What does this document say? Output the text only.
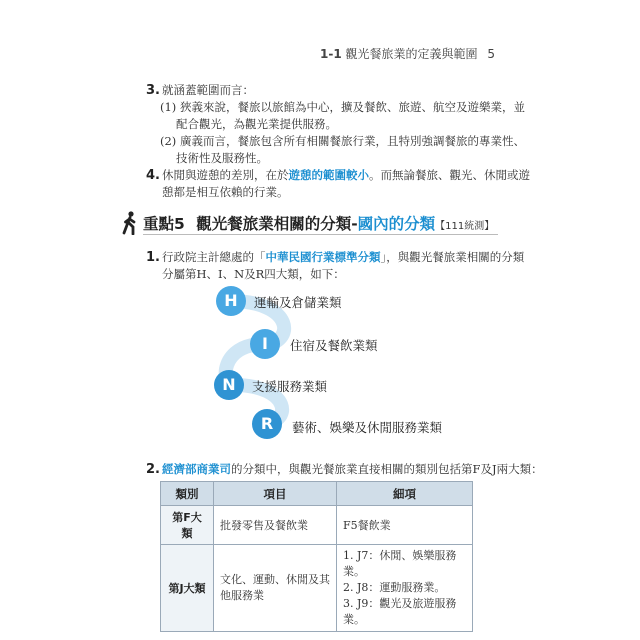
1-1 觀光餐旅業的定義與範圍 5
3. 就涵蓋範圍而言：
(1) 狹義來說，餐旅以旅館為中心，擴及餐飲、旅遊、航空及遊樂業，並
配合觀光，為觀光業提供服務。
(2) 廣義而言，餐旅包含所有相關餐旅行業，且特別強調餐旅的專業性、
技術性及服務性。
4. 休閒與遊憩的差別，在於遊憩的範圍較小。而無論餐旅、觀光、休閒或遊
憩都是相互依賴的行業。
重點5 觀光餐旅業相關的分類-國內的分類【111統測】
1. 行政院主計總處的「中華民國行業標準分類」，與觀光餐旅業相關的分類
分屬第H、I、N及R四大類，如下：
H	運輸及倉儲業類
I	住宿及餐飲業類
N	支援服務業類
R	藝術、娛樂及休閒服務業類
2. 經濟部商業司的分類中，與觀光餐旅業直接相關的類別包括第F及J兩大類：
類別	項目	細項
第F大類	批發零售及餐飲業	F5餐飲業
第J大類	文化、運動、休閒及其他服務業	1. J7：休閒、娛樂服務業。
2. J8：運動服務業。
3. J9：觀光及旅遊服務業。
